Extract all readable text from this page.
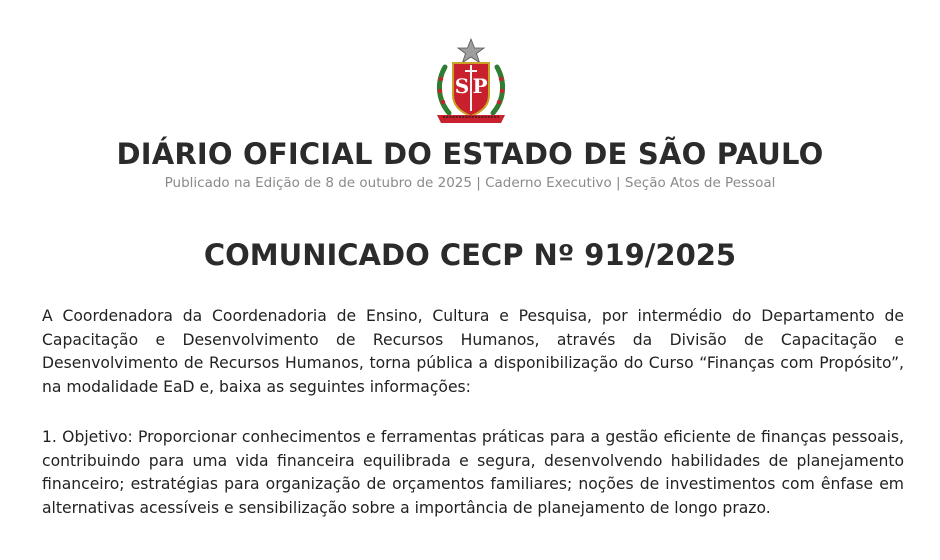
S P
DIÁRIO OFICIAL DO ESTADO DE SÃO PAULO
Publicado na Edição de 8 de outubro de 2025 | Caderno Executivo | Seção Atos de Pessoal
COMUNICADO CECP Nº 919/2025

A Coordenadora da Coordenadoria de Ensino, Cultura e Pesquisa, por intermédio do Departamento de Capacitação e Desenvolvimento de Recursos Humanos, através da Divisão de Capacitação e Desenvolvimento de Recursos Humanos, torna pública a disponibilização do Curso “Finanças com Propósito”, na modalidade EaD e, baixa as seguintes informações:

1. Objetivo: Proporcionar conhecimentos e ferramentas práticas para a gestão eficiente de finanças pessoais, contribuindo para uma vida financeira equilibrada e segura, desenvolvendo habilidades de planejamento financeiro; estratégias para organização de orçamentos familiares; noções de investimentos com ênfase em alternativas acessíveis e sensibilização sobre a importância de planejamento de longo prazo.
